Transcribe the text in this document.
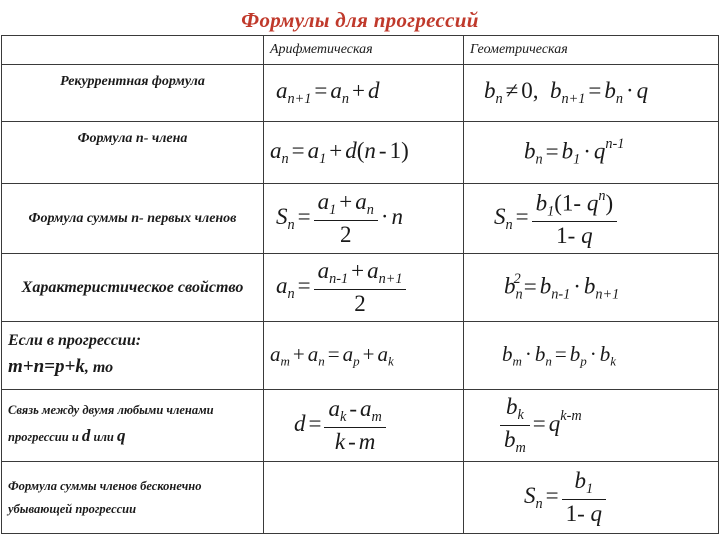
Формулы для прогрессий
	Арифметическая	Геометрическая
Рекуррентная формула	$a_{n+1} = a_n + d$	$b_n \ne 0$,  $b_{n+1} = b_n \cdot q$
Формула n- члена	$a_n = a_1 + d(n - 1)$	$b_n = b_1 \cdot q^{n-1}$
Формула суммы n- первых членов	$S_n = \frac{a_1 + a_n}{2} \cdot n$	$S_n = \frac{b_1(1- q^n)}{1- q}$

Характеристическое свойство	$a_n = \frac{a_{n-1} + a_{n+1}}{2}$	$b_n^2 = b_{n-1} \cdot b_{n+1}$
Если в прогрессии:
m+n=p+k, то	$a_m + a_n = a_p + a_k$	$b_m \cdot b_n = b_p \cdot b_k$
Связь между двумя любыми членами прогрессии и d или q	$d = \frac{a_k - a_m}{k - m}$	$\frac{b_k}{b_m} = q^{k-m}$
Формула суммы членов бесконечно убывающей прогрессии		$S_n = \frac{b_1}{1- q}$
